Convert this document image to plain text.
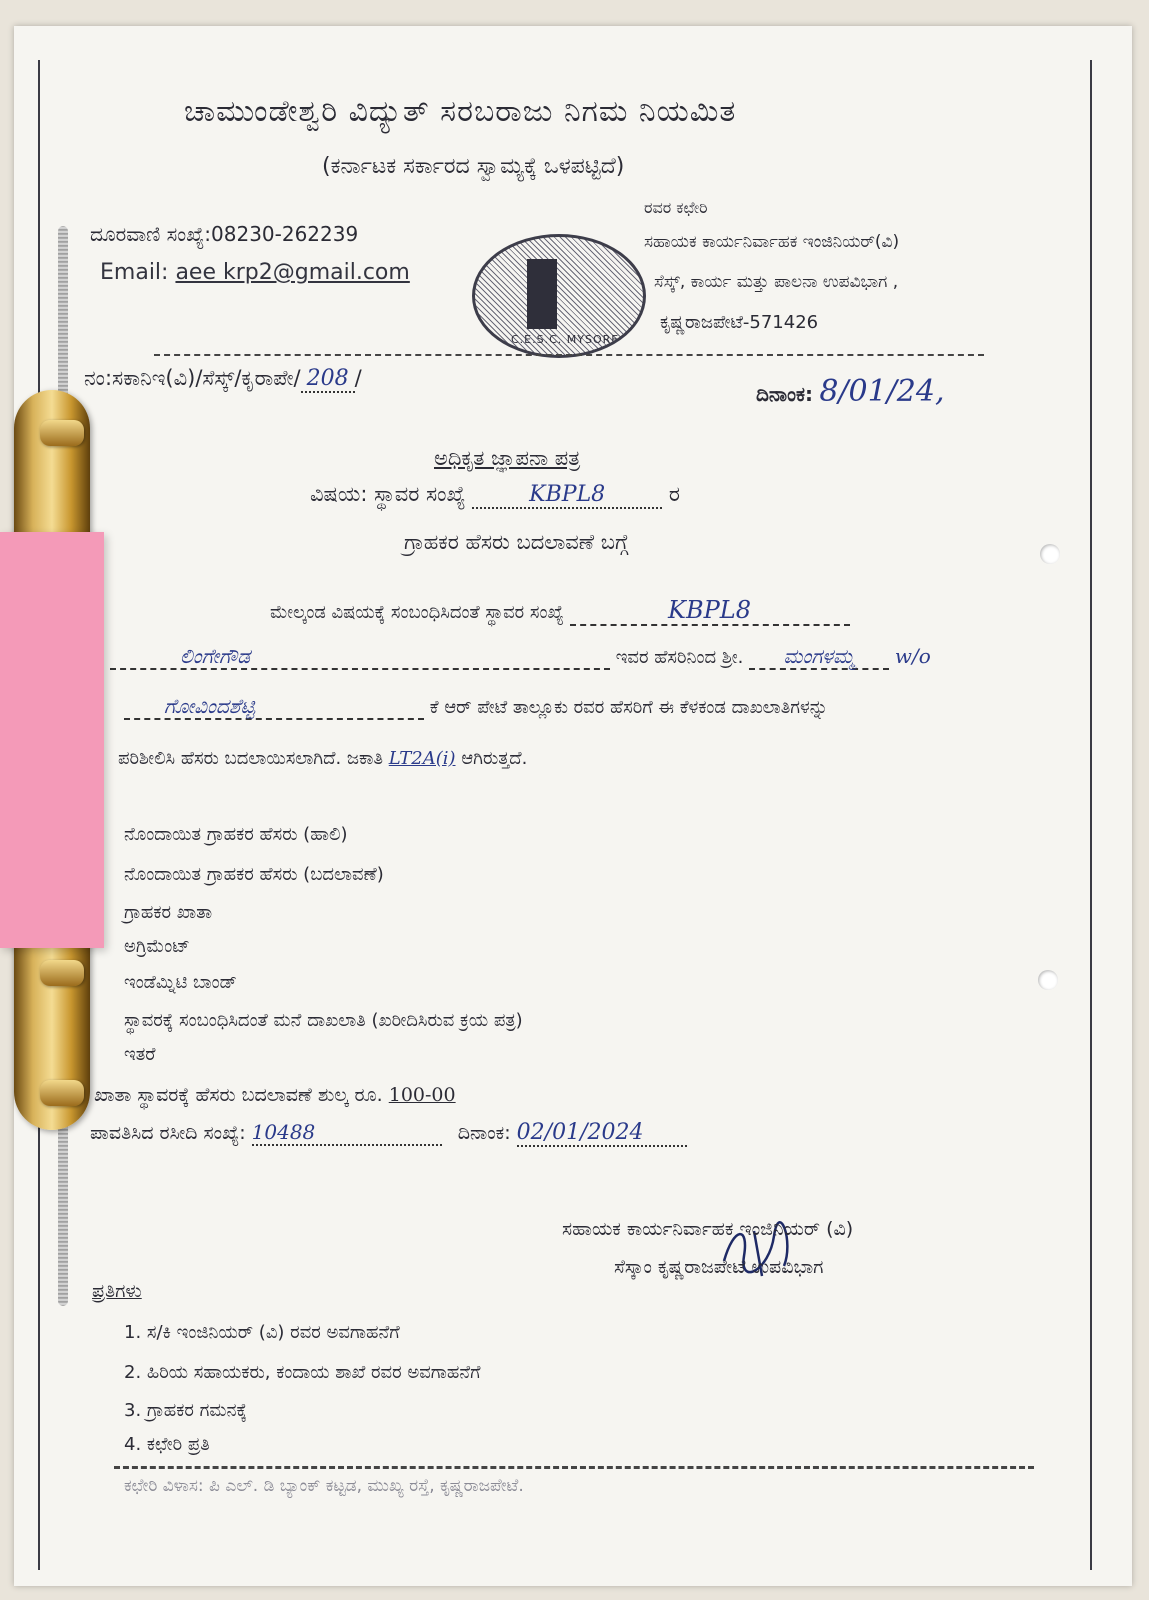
ಚಾಮುಂಡೇಶ್ವರಿ ವಿದ್ಯುತ್ ಸರಬರಾಜು ನಿಗಮ ನಿಯಮಿತ
(ಕರ್ನಾಟಕ ಸರ್ಕಾರದ ಸ್ವಾಮ್ಯಕ್ಕೆ ಒಳಪಟ್ಟಿದೆ)
ದೂರವಾಣಿ ಸಂಖ್ಯೆ:08230-262239
Email: aee krp2@gmail.com
C.E.S.C. MYSORE
ರವರ ಕಛೇರಿ
ಸಹಾಯಕ ಕಾರ್ಯನಿರ್ವಾಹಕ ಇಂಜಿನಿಯರ್(ವಿ)
ಸೆಸ್ಕ್, ಕಾರ್ಯ ಮತ್ತು ಪಾಲನಾ ಉಪವಿಭಾಗ ,
ಕೃಷ್ಣರಾಜಪೇಟೆ-571426
ನಂ:ಸಕಾನಿಇ(ವಿ)/ಸೆಸ್ಕ್/ಕೃರಾಪೇ/ 208 /
ದಿನಾಂಕ: 8/01/24,
ಅಧಿಕೃತ ಜ್ಞಾಪನಾ ಪತ್ರ
ವಿಷಯ: ಸ್ಥಾವರ ಸಂಖ್ಯೆ	KBPL8	ರ
ಗ್ರಾಹಕರ ಹೆಸರು ಬದಲಾವಣೆ ಬಗ್ಗೆ
ಮೇಲ್ಕಂಡ ವಿಷಯಕ್ಕೆ ಸಂಬಂಧಿಸಿದಂತೆ ಸ್ಥಾವರ ಸಂಖ್ಯೆ	KBPL8
ಲಿಂಗೇಗೌಡ	ಇವರ ಹೆಸರಿನಿಂದ ಶ್ರೀ. ಮಂಗಳಮ್ಮ w/o
ಗೋವಿಂದಶೆಟ್ಟಿ	ಕೆ ಆರ್ ಪೇಟೆ ತಾಲ್ಲೂಕು ರವರ ಹೆಸರಿಗೆ ಈ ಕೆಳಕಂಡ ದಾಖಲಾತಿಗಳನ್ನು
ಪರಿಶೀಲಿಸಿ ಹೆಸರು ಬದಲಾಯಿಸಲಾಗಿದೆ. ಜಕಾತಿ LT2A(i) ಆಗಿರುತ್ತದೆ.
ನೊಂದಾಯಿತ ಗ್ರಾಹಕರ ಹೆಸರು (ಹಾಲಿ)
ನೊಂದಾಯಿತ ಗ್ರಾಹಕರ ಹೆಸರು (ಬದಲಾವಣೆ)
ಗ್ರಾಹಕರ ಖಾತಾ
ಅಗ್ರಿಮೆಂಟ್
ಇಂಡೆಮ್ನಿಟಿ ಬಾಂಡ್
ಸ್ಥಾವರಕ್ಕೆ ಸಂಬಂಧಿಸಿದಂತೆ ಮನೆ ದಾಖಲಾತಿ (ಖರೀದಿಸಿರುವ ಕ್ರಯ ಪತ್ರ)
ಇತರೆ
ಖಾತಾ ಸ್ಥಾವರಕ್ಕೆ ಹೆಸರು ಬದಲಾವಣೆ ಶುಲ್ಕ ರೂ. 100-00
ಪಾವತಿಸಿದ ರಸೀದಿ ಸಂಖ್ಯೆ: 10488	ದಿನಾಂಕ: 02/01/2024
ಸಹಾಯಕ ಕಾರ್ಯನಿರ್ವಾಹಕ ಇಂಜಿನಿಯರ್ (ವಿ)
ಸೆಸ್ಕಾಂ ಕೃಷ್ಣರಾಜಪೇಟೆ ಉಪವಿಭಾಗ
ಪ್ರತಿಗಳು
1. ಸ/ಕಿ ಇಂಜಿನಿಯರ್ (ವಿ) ರವರ ಅವಗಾಹನೆಗೆ
2. ಹಿರಿಯ ಸಹಾಯಕರು, ಕಂದಾಯ ಶಾಖೆ ರವರ ಅವಗಾಹನೆಗೆ
3. ಗ್ರಾಹಕರ ಗಮನಕ್ಕೆ
4. ಕಛೇರಿ ಪ್ರತಿ
ಕಛೇರಿ ವಿಳಾಸ: ಪಿ ಎಲ್. ಡಿ ಬ್ಯಾಂಕ್ ಕಟ್ಟಡ, ಮುಖ್ಯ ರಸ್ತೆ, ಕೃಷ್ಣರಾಜಪೇಟೆ.
